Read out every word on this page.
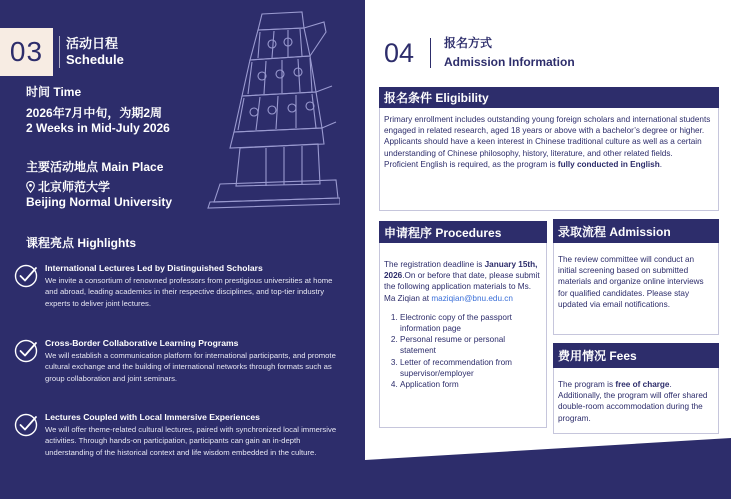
03 活动日程
Schedule
时间 Time
2026年7月中旬，为期2周
2 Weeks in Mid-July 2026
主要活动地点 Main Place
北京师范大学
Beijing Normal University
课程亮点 Highlights
International Lectures Led by Distinguished Scholars
We invite a consortium of renowned professors from prestigious universities at home and abroad, leading academics in their respective disciplines, and top-tier industry experts to deliver joint lectures.
Cross-Border Collaborative Learning Programs
We will establish a communication platform for international participants, and promote cultural exchange and the building of international networks through formats such as group collaboration and joint seminars.
Lectures Coupled with Local Immersive Experiences
We will offer theme-related cultural lectures, paired with synchronized local immersive activities. Through hands-on participation, participants can gain an in-depth understanding of the historical context and life wisdom embedded in the culture.
04	报名方式
Admission Information
报名条件 Eligibility
Primary enrollment includes outstanding young foreign scholars and international students engaged in related research, aged 18 years or above with a bachelor’s degree or higher.
Applicants should have a keen interest in Chinese traditional culture as well as a certain understanding of Chinese philosophy, history, literature, and other related fields.
Proficient English is required, as the program is fully conducted in English.
申请程序 Procedures
The registration deadline is January 15th, 2026.On or before that date, please submit the following application materials to Ms. Ma Ziqian at maziqian@bnu.edu.cn
1. Electronic copy of the passport information page
2. Personal resume or personal statement
3. Letter of recommendation from supervisor/employer
4. Application form
录取流程 Admission
The review committee will conduct an initial screening based on submitted materials and organize online interviews for qualified candidates. Please stay updated via email notifications.
费用情况 Fees
The program is free of charge. Additionally, the program will offer shared double-room accommodation during the program.
